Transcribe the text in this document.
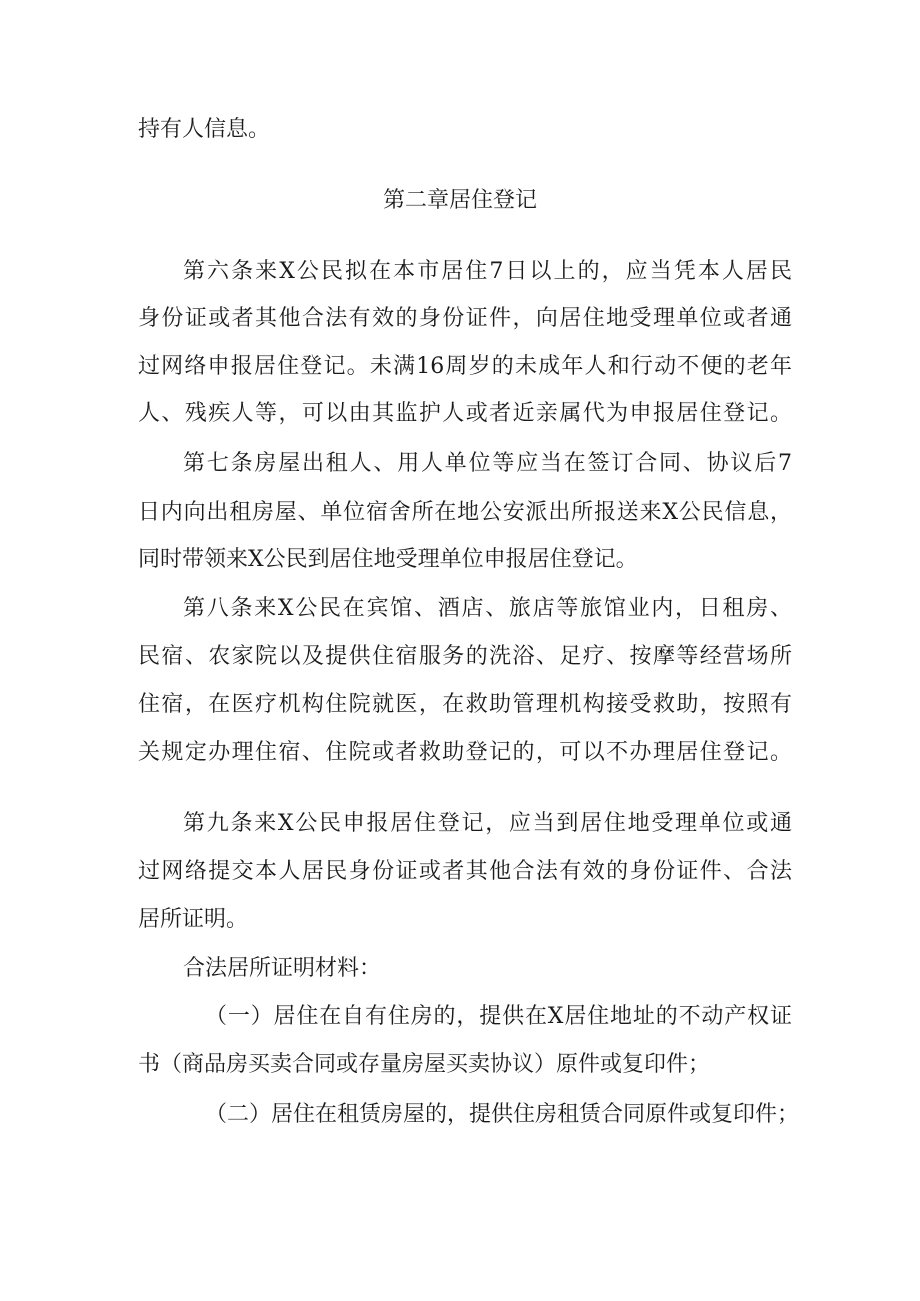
持有人信息。
第二章居住登记
第六条来X公民拟在本市居住7日以上的，应当凭本人居民
身份证或者其他合法有效的身份证件，向居住地受理单位或者通
过网络申报居住登记。未满16周岁的未成年人和行动不便的老年
人、残疾人等，可以由其监护人或者近亲属代为申报居住登记。
第七条房屋出租人、用人单位等应当在签订合同、协议后7
日内向出租房屋、单位宿舍所在地公安派出所报送来X公民信息，
同时带领来X公民到居住地受理单位申报居住登记。
第八条来X公民在宾馆、酒店、旅店等旅馆业内，日租房、
民宿、农家院以及提供住宿服务的洗浴、足疗、按摩等经营场所
住宿，在医疗机构住院就医，在救助管理机构接受救助，按照有
关规定办理住宿、住院或者救助登记的，可以不办理居住登记。
第九条来X公民申报居住登记，应当到居住地受理单位或通
过网络提交本人居民身份证或者其他合法有效的身份证件、合法
居所证明。
合法居所证明材料：
（一）居住在自有住房的，提供在X居住地址的不动产权证
书（商品房买卖合同或存量房屋买卖协议）原件或复印件；
（二）居住在租赁房屋的，提供住房租赁合同原件或复印件；
